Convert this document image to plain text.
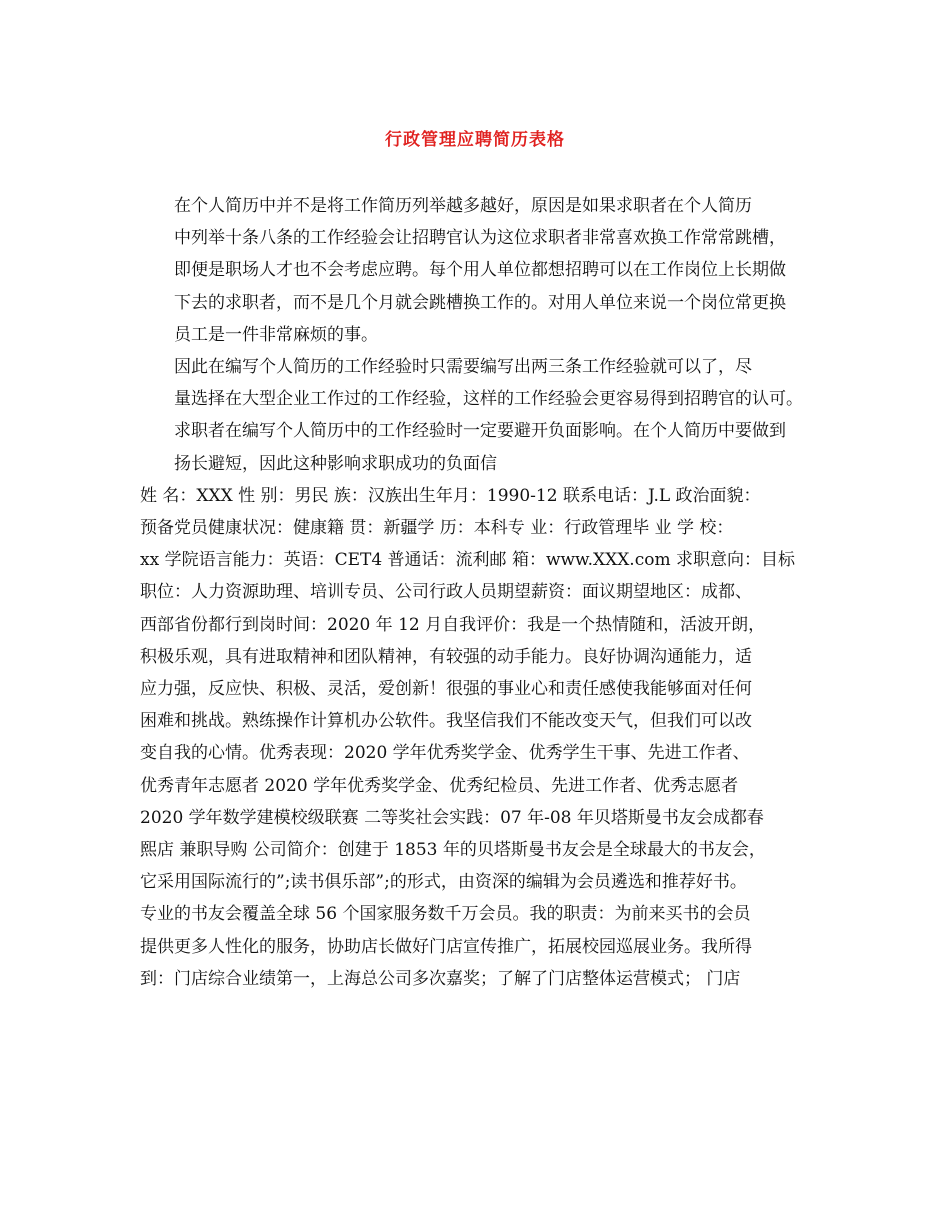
行政管理应聘简历表格
在个人简历中并不是将工作简历列举越多越好，原因是如果求职者在个人简历
中列举十条八条的工作经验会让招聘官认为这位求职者非常喜欢换工作常常跳槽，
即便是职场人才也不会考虑应聘。每个用人单位都想招聘可以在工作岗位上长期做
下去的求职者，而不是几个月就会跳槽换工作的。对用人单位来说一个岗位常更换
员工是一件非常麻烦的事。
因此在编写个人简历的工作经验时只需要编写出两三条工作经验就可以了，尽
量选择在大型企业工作过的工作经验，这样的工作经验会更容易得到招聘官的认可。
求职者在编写个人简历中的工作经验时一定要避开负面影响。在个人简历中要做到
扬长避短，因此这种影响求职成功的负面信
姓 名：XXX 性 别：男民 族：汉族出生年月：1990-12 联系电话：J.L 政治面貌：
预备党员健康状况：健康籍 贯：新疆学 历：本科专 业：行政管理毕 业 学 校：
xx 学院语言能力：英语：CET4 普通话：流利邮 箱：www.XXX.com 求职意向：目标
职位：人力资源助理、培训专员、公司行政人员期望薪资：面议期望地区：成都、
西部省份都行到岗时间：2020 年 12 月自我评价：我是一个热情随和，活波开朗，
积极乐观，具有进取精神和团队精神，有较强的动手能力。良好协调沟通能力，适
应力强，反应快、积极、灵活，爱创新！很强的事业心和责任感使我能够面对任何
困难和挑战。熟练操作计算机办公软件。我坚信我们不能改变天气，但我们可以改
变自我的心情。优秀表现：2020 学年优秀奖学金、优秀学生干事、先进工作者、
优秀青年志愿者 2020 学年优秀奖学金、优秀纪检员、先进工作者、优秀志愿者
2020 学年数学建模校级联赛 二等奖社会实践：07 年-08 年贝塔斯曼书友会成都春
熙店 兼职导购 公司简介：创建于 1853 年的贝塔斯曼书友会是全球最大的书友会，
它采用国际流行的”;读书俱乐部”;的形式，由资深的编辑为会员遴选和推荐好书。
专业的书友会覆盖全球 56 个国家服务数千万会员。我的职责：为前来买书的会员
提供更多人性化的服务，协助店长做好门店宣传推广，拓展校园巡展业务。我所得
到：门店综合业绩第一，上海总公司多次嘉奖；了解了门店整体运营模式； 门店
